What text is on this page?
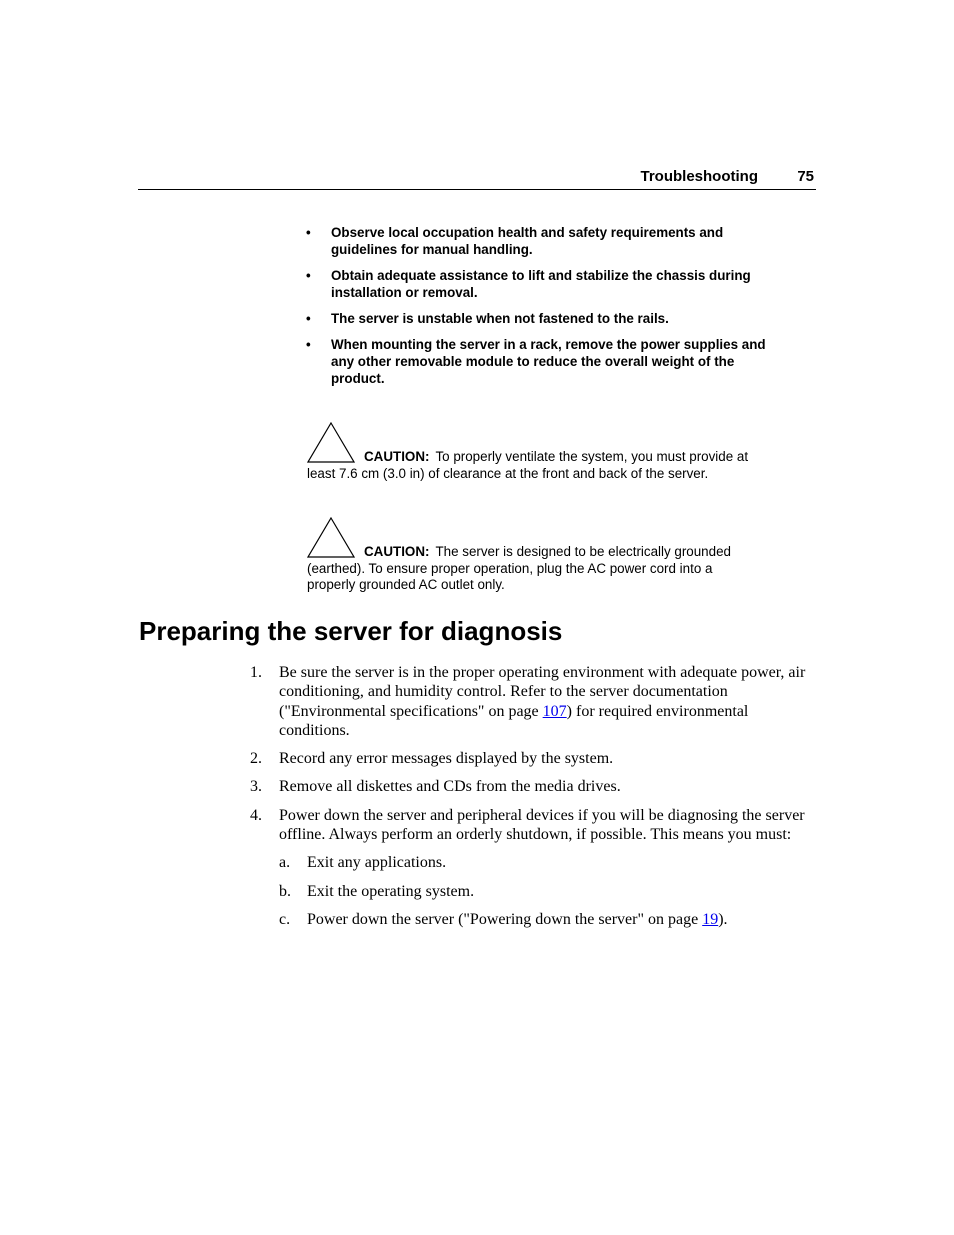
Troubleshooting	75
• Observe local occupation health and safety requirements and guidelines for manual handling.
• Obtain adequate assistance to lift and stabilize the chassis during installation or removal.
• The server is unstable when not fastened to the rails.
• When mounting the server in a rack, remove the power supplies and any other removable module to reduce the overall weight of the product.
CAUTION: To properly ventilate the system, you must provide at least 7.6 cm (3.0 in) of clearance at the front and back of the server.
CAUTION: The server is designed to be electrically grounded (earthed). To ensure proper operation, plug the AC power cord into a properly grounded AC outlet only.
Preparing the server for diagnosis
1. Be sure the server is in the proper operating environment with adequate power, air conditioning, and humidity control. Refer to the server documentation ("Environmental specifications" on page 107) for required environmental conditions.
2. Record any error messages displayed by the system.
3. Remove all diskettes and CDs from the media drives.
4. Power down the server and peripheral devices if you will be diagnosing the server offline. Always perform an orderly shutdown, if possible. This means you must:
a. Exit any applications.
b. Exit the operating system.
c. Power down the server ("Powering down the server" on page 19).
